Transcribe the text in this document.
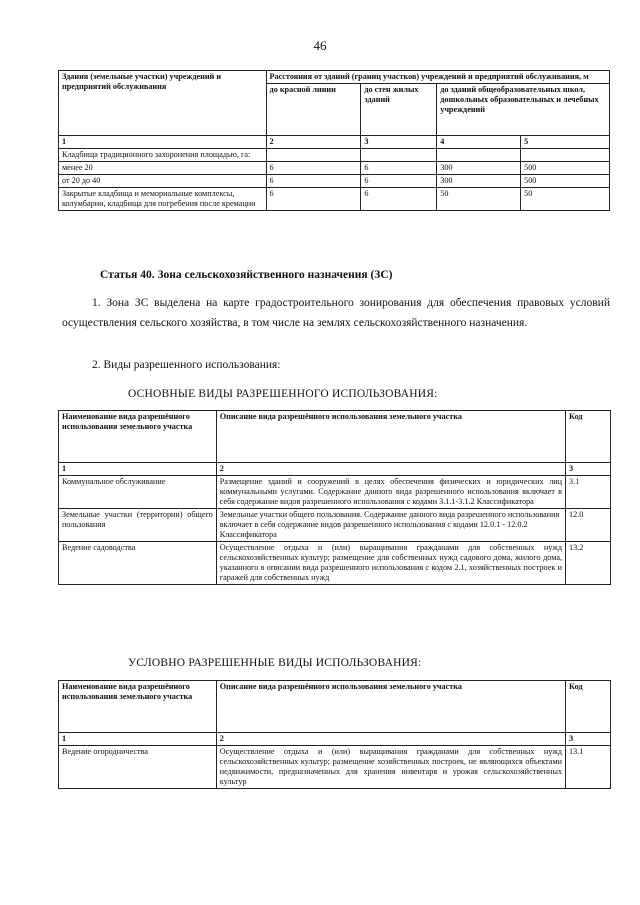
46
Здания (земельные участки) учреждений и предприятий обслуживания	Расстояния от зданий (границ участков) учреждений и предприятий обслуживания, м			
	до красной линии	до стен жилых зданий	до зданий общеобразовательных школ, дошкольных образовательных и лечебных учреждений	
1	2	3	4	5
Кладбища традиционного захоронения площадью, га:				
менее 20	6	6	300	500
от 20 до 40	6	6	300	500
Закрытые кладбища и мемориальные комплексы, колумбарии, кладбища для погребения после кремации	6	6	50	50
Статья 40. Зона сельскохозяйственного назначения (ЗС)
1. Зона ЗС выделена на карте градостроительного зонирования для обеспечения правовых условий осуществления сельского хозяйства, в том числе на землях сельскохозяйственного назначения.
2. Виды разрешенного использования:
ОСНОВНЫЕ ВИДЫ РАЗРЕШЕННОГО ИСПОЛЬЗОВАНИЯ:
Наименование вида разрешённого использования земельного участка	Описание вида разрешённого использования земельного участка	Код
1	2	3
Коммунальное обслуживание	Размещение зданий и сооружений в целях обеспечения физических и юридических лиц коммунальными услугами. Содержание данного вида разрешенного использования включает в себя содержание видов разрешенного использования с кодами 3.1.1-3.1.2 Классификатора	3.1
Земельные участки (территории) общего пользования	Земельные участки общего пользования. Содержание данного вида разрешенного использования включает в себя содержание видов разрешенного использования с кодами 12.0.1 - 12.0.2 Классификатора	12.0
Ведение садоводства	Осуществление отдыха и (или) выращивания гражданами для собственных нужд сельскохозяйственных культур; размещение для собственных нужд садового дома, жилого дома, указанного в описании вида разрешенного использования с кодом 2.1, хозяйственных построек и гаражей для собственных нужд	13.2
УСЛОВНО РАЗРЕШЕННЫЕ ВИДЫ ИСПОЛЬЗОВАНИЯ:
Наименование вида разрешённого использования земельного участка	Описание вида разрешённого использования земельного участка	Код
1	2	3
Ведение огородничества	Осуществление отдыха и (или) выращивания гражданами для собственных нужд сельскохозяйственных культур; размещение хозяйственных построек, не являющихся объектами недвижимости, предназначенных для хранения инвентаря и урожая сельскохозяйственных культур	13.1
